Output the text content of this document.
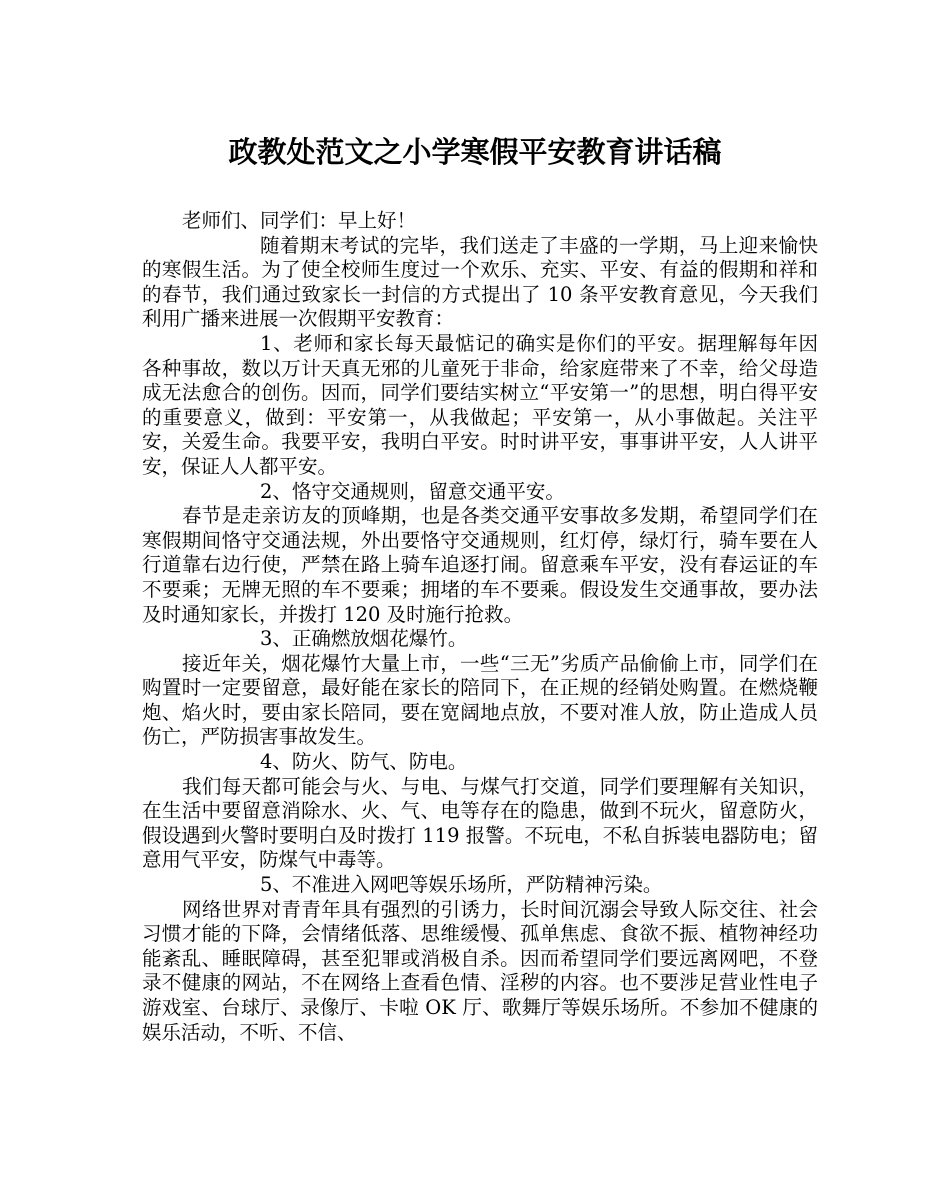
政教处范文之小学寒假平安教育讲话稿

老师们、同学们：早上好！

随着期末考试的完毕，我们送走了丰盛的一学期，马上迎来愉快的寒假生活。为了使全校师生度过一个欢乐、充实、平安、有益的假期和祥和的春节，我们通过致家长一封信的方式提出了 10 条平安教育意见，今天我们利用广播来进展一次假期平安教育：

1、老师和家长每天最惦记的确实是你们的平安。据理解每年因各种事故，数以万计天真无邪的儿童死于非命，给家庭带来了不幸，给父母造成无法愈合的创伤。因而，同学们要结实树立“平安第一”的思想，明白得平安的重要意义，做到：平安第一，从我做起；平安第一，从小事做起。关注平安，关爱生命。我要平安，我明白平安。时时讲平安，事事讲平安，人人讲平安，保证人人都平安。

2、恪守交通规则，留意交通平安。

春节是走亲访友的顶峰期，也是各类交通平安事故多发期，希望同学们在寒假期间恪守交通法规，外出要恪守交通规则，红灯停，绿灯行，骑车要在人行道靠右边行使，严禁在路上骑车追逐打闹。留意乘车平安，没有春运证的车不要乘；无牌无照的车不要乘；拥堵的车不要乘。假设发生交通事故，要办法及时通知家长，并拨打 120 及时施行抢救。

3、正确燃放烟花爆竹。

接近年关，烟花爆竹大量上市，一些“三无”劣质产品偷偷上市，同学们在购置时一定要留意，最好能在家长的陪同下，在正规的经销处购置。在燃烧鞭炮、焰火时，要由家长陪同，要在宽阔地点放，不要对准人放，防止造成人员伤亡，严防损害事故发生。

4、防火、防气、防电。

我们每天都可能会与火、与电、与煤气打交道，同学们要理解有关知识，在生活中要留意消除水、火、气、电等存在的隐患，做到不玩火，留意防火，假设遇到火警时要明白及时拨打 119 报警。不玩电，不私自拆装电器防电；留意用气平安，防煤气中毒等。

5、不准进入网吧等娱乐场所，严防精神污染。

网络世界对青青年具有强烈的引诱力，长时间沉溺会导致人际交往、社会习惯才能的下降，会情绪低落、思维缓慢、孤单焦虑、食欲不振、植物神经功能紊乱、睡眠障碍，甚至犯罪或消极自杀。因而希望同学们要远离网吧，不登录不健康的网站，不在网络上查看色情、淫秽的内容。也不要涉足营业性电子游戏室、台球厅、录像厅、卡啦 OK 厅、歌舞厅等娱乐场所。不参加不健康的娱乐活动，不听、不信、
